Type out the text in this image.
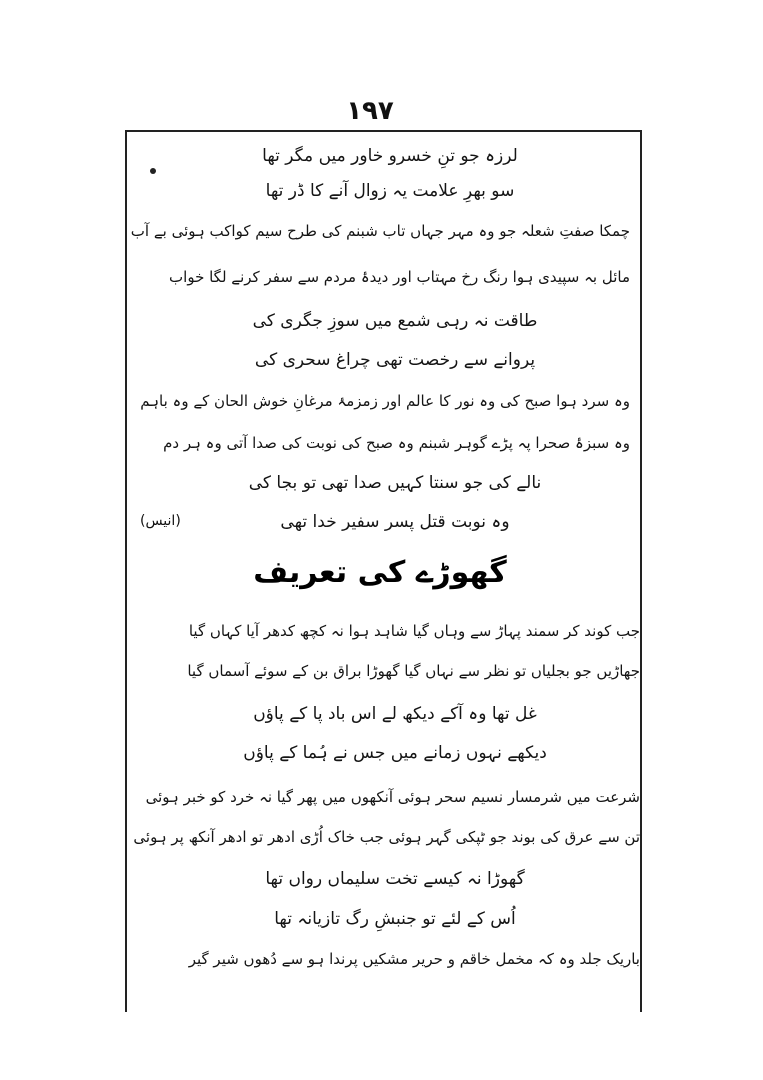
۱۹۷
لرزہ جو تنِ خسرو خاور میں مگر تھا
سو بھرِ علامت یہ زوال آنے کا ڈر تھا
چمکا صفتِ شعلہ جو وہ مہر جہاں تاب شبنم کی طرح سیم کواکب ہوئی بے آب
مائل بہ سپیدی ہوا رنگ رخ مہتاب اور دیدۂ مردم سے سفر کرنے لگا خواب
طاقت نہ رہی شمع میں سوزِ جگری کی
پروانے سے رخصت تھی چراغ سحری کی
وہ سرد ہوا صبح کی وہ نور کا عالم اور زمزمۂ مرغانِ خوش الحان کے وہ باہم
وہ سبزۂ صحرا پہ پڑے گوہر شبنم وہ صبح کی نوبت کی صدا آتی وہ ہر دم
نالے کی جو سنتا کہیں صدا تھی تو بجا کی
وہ نوبت قتل پسر سفیر خدا تھی
(انیس)
گھوڑے کی تعریف
جب کوند کر سمند پہاڑ سے وہاں گیا شاہد ہوا نہ کچھ کدھر آیا کہاں گیا
جھاڑیں جو بجلیاں تو نظر سے نہاں گیا گھوڑا براق بن کے سوئے آسماں گیا
غل تھا وہ آکے دیکھ لے اس باد پا کے پاؤں
دیکھے نہوں زمانے میں جس نے ہُما کے پاؤں
شرعت میں شرمسار نسیم سحر ہوئی آنکھوں میں پھر گیا نہ خرد کو خبر ہوئی
تن سے عرق کی بوند جو ٹپکی گہر ہوئی جب خاک اُڑی ادھر تو ادھر آنکھ پر ہوئی
گھوڑا نہ کیسے تخت سلیماں رواں تھا
اُس کے لئے تو جنبشِ رگ تازیانہ تھا
باریک جلد وہ کہ مخمل خاقم و حریر مشکیں پرندا ہو سے دُھوں شیر گیر
